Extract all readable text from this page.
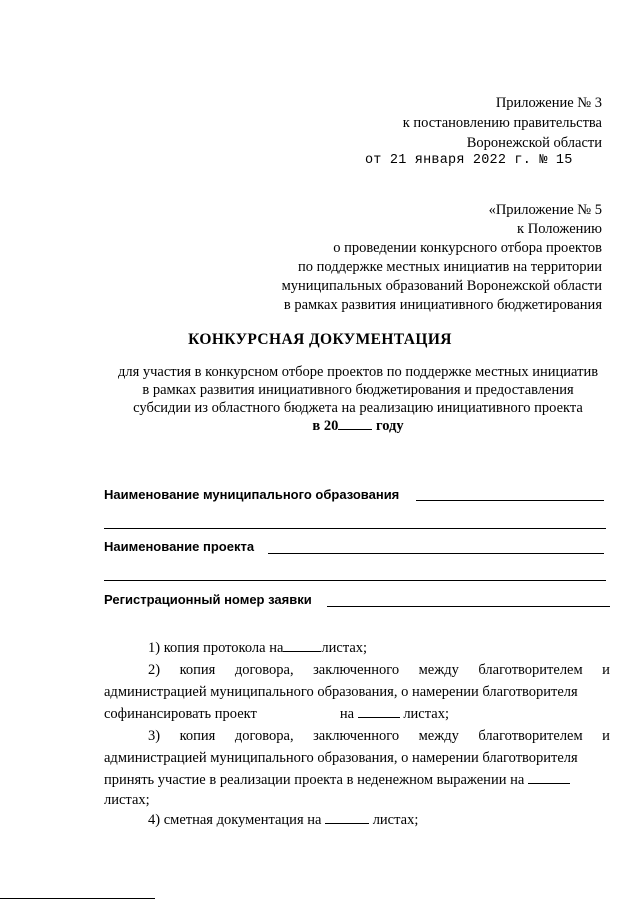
Приложение № 3
к постановлению правительства
Воронежской области
от 21 января 2022 г. № 15
«Приложение № 5
к Положению
о проведении конкурсного отбора проектов
по поддержке местных инициатив на территории
муниципальных образований Воронежской области
в рамках развития инициативного бюджетирования
КОНКУРСНАЯ ДОКУМЕНТАЦИЯ
для участия в конкурсном отборе проектов по поддержке местных инициатив
в рамках развития инициативного бюджетирования и предоставления
субсидии из областного бюджета на реализацию инициативного проекта
в 20	году
Наименование муниципального образования
Наименование проекта
Регистрационный номер заявки
1) копия протокола на	листах;
2) копия договора, заключенного между благотворителем и
администрацией муниципального образования, о намерении благотворителя
софинансировать проект	на	листах;
3) копия договора, заключенного между благотворителем и
администрацией муниципального образования, о намерении благотворителя
принять участие в реализации проекта в неденежном выражении на
листах;
4) сметная документация на	листах;
